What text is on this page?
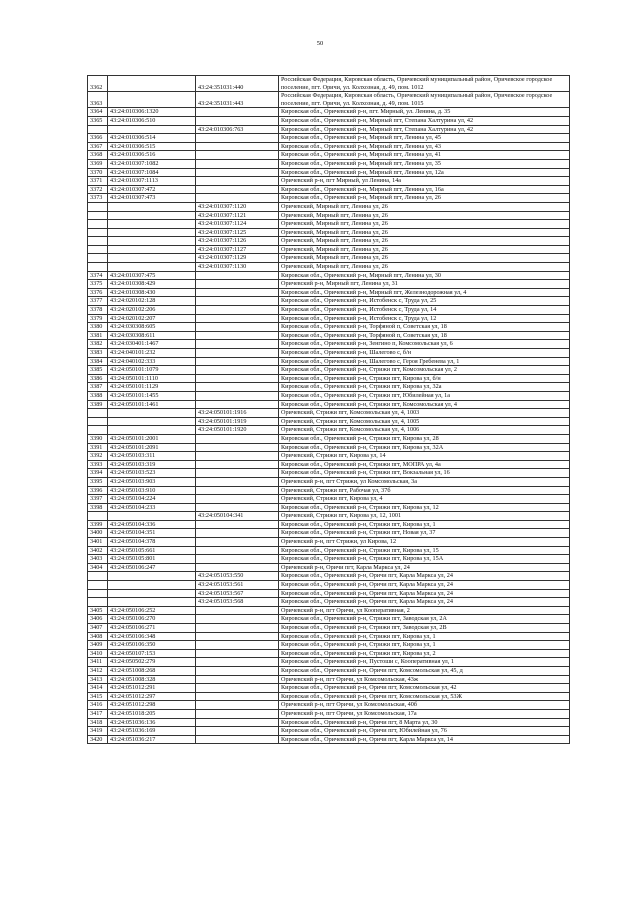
50
3362		43:24:351031:440	Российская Федерация, Кировская область, Оричевский муниципальный район, Оричевское городское поселение, пгт. Оричи, ул. Колхозная, д. 49, пом. 1012
3363		43:24:351031:443	Российская Федерация, Кировская область, Оричевский муниципальный район, Оричевское городское поселение, пгт. Оричи, ул. Колхозная, д. 49, пом. 1015
3364	43:24:010306:1320		Кировская обл., Оричевский р-н, пгт. Мирный, ул. Ленина, д. 35
3365	43:24:010306:510		Кировская обл., Оричевский р-н, Мирный пгт, Степана Халтурина ул, 42
		43:24:010306:763	Кировская обл., Оричевский р-н, Мирный пгт, Степана Халтурина ул, 42
3366	43:24:010306:514		Кировская обл., Оричевский р-н, Мирный пгт, Ленина ул, 45
3367	43:24:010306:515		Кировская обл., Оричевский р-н, Мирный пгт, Ленина ул, 43
3368	43:24:010306:516		Кировская обл., Оричевский р-н, Мирный пгт, Ленина ул, 41
3369	43:24:010307:1082		Кировская обл., Оричевский р-н, Мирный пгт, Ленина ул, 35
3370	43:24:010307:1084		Кировская обл., Оричевский р-н, Мирный пгт, Ленина ул, 12а
3371	43:24:010307:1113		Оричевский р-н, пгт Мирный, ул Ленина, 14а
3372	43:24:010307:472		Кировская обл., Оричевский р-н, Мирный пгт, Ленина ул, 16а
3373	43:24:010307:473		Кировская обл., Оричевский р-н, Мирный пгт, Ленина ул, 26
		43:24:010307:1120	Оричевский, Мирный пгт, Ленина ул, 26
		43:24:010307:1121	Оричевский, Мирный пгт, Ленина ул, 26
		43:24:010307:1124	Оричевский, Мирный пгт, Ленина ул, 26
		43:24:010307:1125	Оричевский, Мирный пгт, Ленина ул, 26
		43:24:010307:1126	Оричевский, Мирный пгт, Ленина ул, 26
		43:24:010307:1127	Оричевский, Мирный пгт, Ленина ул, 26
		43:24:010307:1129	Оричевский, Мирный пгт, Ленина ул, 26
		43:24:010307:1130	Оричевский, Мирный пгт, Ленина ул, 26
3374	43:24:010307:475		Кировская обл., Оричевский р-н, Мирный пгт, Ленина ул, 30
3375	43:24:010308:429		Оричевский р-н, Мирный пгт, Ленина ул, 31
3376	43:24:010308:430		Кировская обл., Оричевский р-н, Мирный пгт, Железнодорожная ул, 4
3377	43:24:020102:128		Кировская обл., Оричевский р-н, Истобенск с, Труда ул, 25
3378	43:24:020102:206		Кировская обл., Оричевский р-н, Истобенск с, Труда ул, 14
3379	43:24:020102:207		Кировская обл., Оричевский р-н, Истобенск с, Труда ул, 12
3380	43:24:030308:605		Кировская обл., Оричевский р-н, Торфяной п, Советская ул, 18
3381	43:24:030308:611		Кировская обл., Оричевский р-н, Торфяной п, Советская ул, 18
3382	43:24:030401:1467		Кировская обл., Оричевский р-н, Зенгино п, Комсомольская ул, 6
3383	43:24:040101:232		Кировская обл., Оричевский р-н, Шалегово с, б/н
3384	43:24:040102:333		Кировская обл., Оричевский р-н, Шалегово с, Героя Гребенева ул, 1
3385	43:24:050101:1079		Кировская обл., Оричевский р-н, Стрижи пгт, Комсомольская ул, 2
3386	43:24:050101:1110		Кировская обл., Оричевский р-н, Стрижи пгт, Кирова ул, б/н
3387	43:24:050101:1129		Кировская обл., Оричевский р-н, Стрижи пгт, Кирова ул, 32а
3388	43:24:050101:1455		Кировская обл., Оричевский р-н, Стрижи пгт, Юбилейная ул, 1а
3389	43:24:050101:1461		Кировская обл., Оричевский р-н, Стрижи пгт, Комсомольская ул, 4
		43:24:050101:1916	Оричевский, Стрижи пгт, Комсомольская ул, 4, 1003
		43:24:050101:1919	Оричевский, Стрижи пгт, Комсомольская ул, 4, 1005
		43:24:050101:1920	Оричевский, Стрижи пгт, Комсомольская ул, 4, 1006
3390	43:24:050101:2001		Кировская обл., Оричевский р-н, Стрижи пгт, Кирова ул, 28
3391	43:24:050101:2091		Кировская обл., Оричевский р-н, Стрижи пгт, Кирова ул, 32А
3392	43:24:050103:311		Оричевский, Стрижи пгт, Кирова ул, 14
3393	43:24:050103:319		Кировская обл., Оричевский р-н, Стрижи пгт, МОПРА ул, 4а
3394	43:24:050103:523		Кировская обл., Оричевский р-н, Стрижи пгт, Вокзальная ул, 16
3395	43:24:050103:903		Оричевский р-н, пгт Стрижи, ул Комсомольская, 3а
3396	43:24:050103:910		Оричевский, Стрижи пгт, Рабочая ул, 37б
3397	43:24:050104:224		Оричевский, Стрижи пгт, Кирова ул, 4
3398	43:24:050104:233		Кировская обл., Оричевский р-н, Стрижи пгт, Кирова ул, 12
		43:24:050104:341	Оричевский, Стрижи пгт, Кирова ул, 12, 1001
3399	43:24:050104:336		Кировская обл., Оричевский р-н, Стрижи пгт, Кирова ул, 1
3400	43:24:050104:351		Кировская обл., Оричевский р-н, Стрижи пгт, Новая ул, 37
3401	43:24:050104:378		Оричевский р-н, пгт Стрижи, ул Кирова, 12
3402	43:24:050105:661		Кировская обл., Оричевский р-н, Стрижи пгт, Кирова ул, 15
3403	43:24:050105:801		Кировская обл., Оричевский р-н, Стрижи пгт, Кирова ул, 15А
3404	43:24:050106:247		Оричевский р-н, Оричи пгт, Карла Маркса ул, 24
		43:24:051053:550	Кировская обл., Оричевский р-н, Оричи пгт, Карла Маркса ул, 24
		43:24:051053:561	Кировская обл., Оричевский р-н, Оричи пгт, Карла Маркса ул, 24
		43:24:051053:567	Кировская обл., Оричевский р-н, Оричи пгт, Карла Маркса ул, 24
		43:24:051053:568	Кировская обл., Оричевский р-н, Оричи пгт, Карла Маркса ул, 24
3405	43:24:050106:252		Оричевский р-н, пгт Оричи, ул Кооперативная, 2
3406	43:24:050106:270		Кировская обл., Оричевский р-н, Стрижи пгт, Заводская ул, 2А
3407	43:24:050106:271		Кировская обл., Оричевский р-н, Стрижи пгт, Заводская ул, 2В
3408	43:24:050106:348		Кировская обл., Оричевский р-н, Стрижи пгт, Кирова ул, 1
3409	43:24:050106:350		Кировская обл., Оричевский р-н, Стрижи пгт, Кирова ул, 1
3410	43:24:050107:153		Кировская обл., Оричевский р-н, Стрижи пгт, Кирова ул, 2
3411	43:24:050502:279		Кировская обл., Оричевский р-н, Пустоши с, Кооперативная ул, 1
3412	43:24:051008:268		Кировская обл., Оричевский р-н, Оричи пгт, Комсомольская ул, 45, д
3413	43:24:051008:328		Оричевский р-н, пгт Оричи, ул Комсомольская, 43ж
3414	43:24:051012:291		Кировская обл., Оричевский р-н, Оричи пгт, Комсомольская ул, 42
3415	43:24:051012:297		Кировская обл., Оричевский р-н, Оричи пгт, Комсомольская ул, 53Ж
3416	43:24:051012:298		Оричевский р-н, пгт Оричи, ул Комсомольская, 40б
3417	43:24:051018:205		Оричевский р-н, пгт Оричи, ул Комсомольская, 17а
3418	43:24:051036:136		Кировская обл., Оричевский р-н, Оричи пгт, 8 Марта ул, 30
3419	43:24:051036:169		Кировская обл., Оричевский р-н, Оричи пгт, Юбилейная ул, 76
3420	43:24:051036:217		Кировская обл., Оричевский р-н, Оричи пгт, Карла Маркса ул, 14
